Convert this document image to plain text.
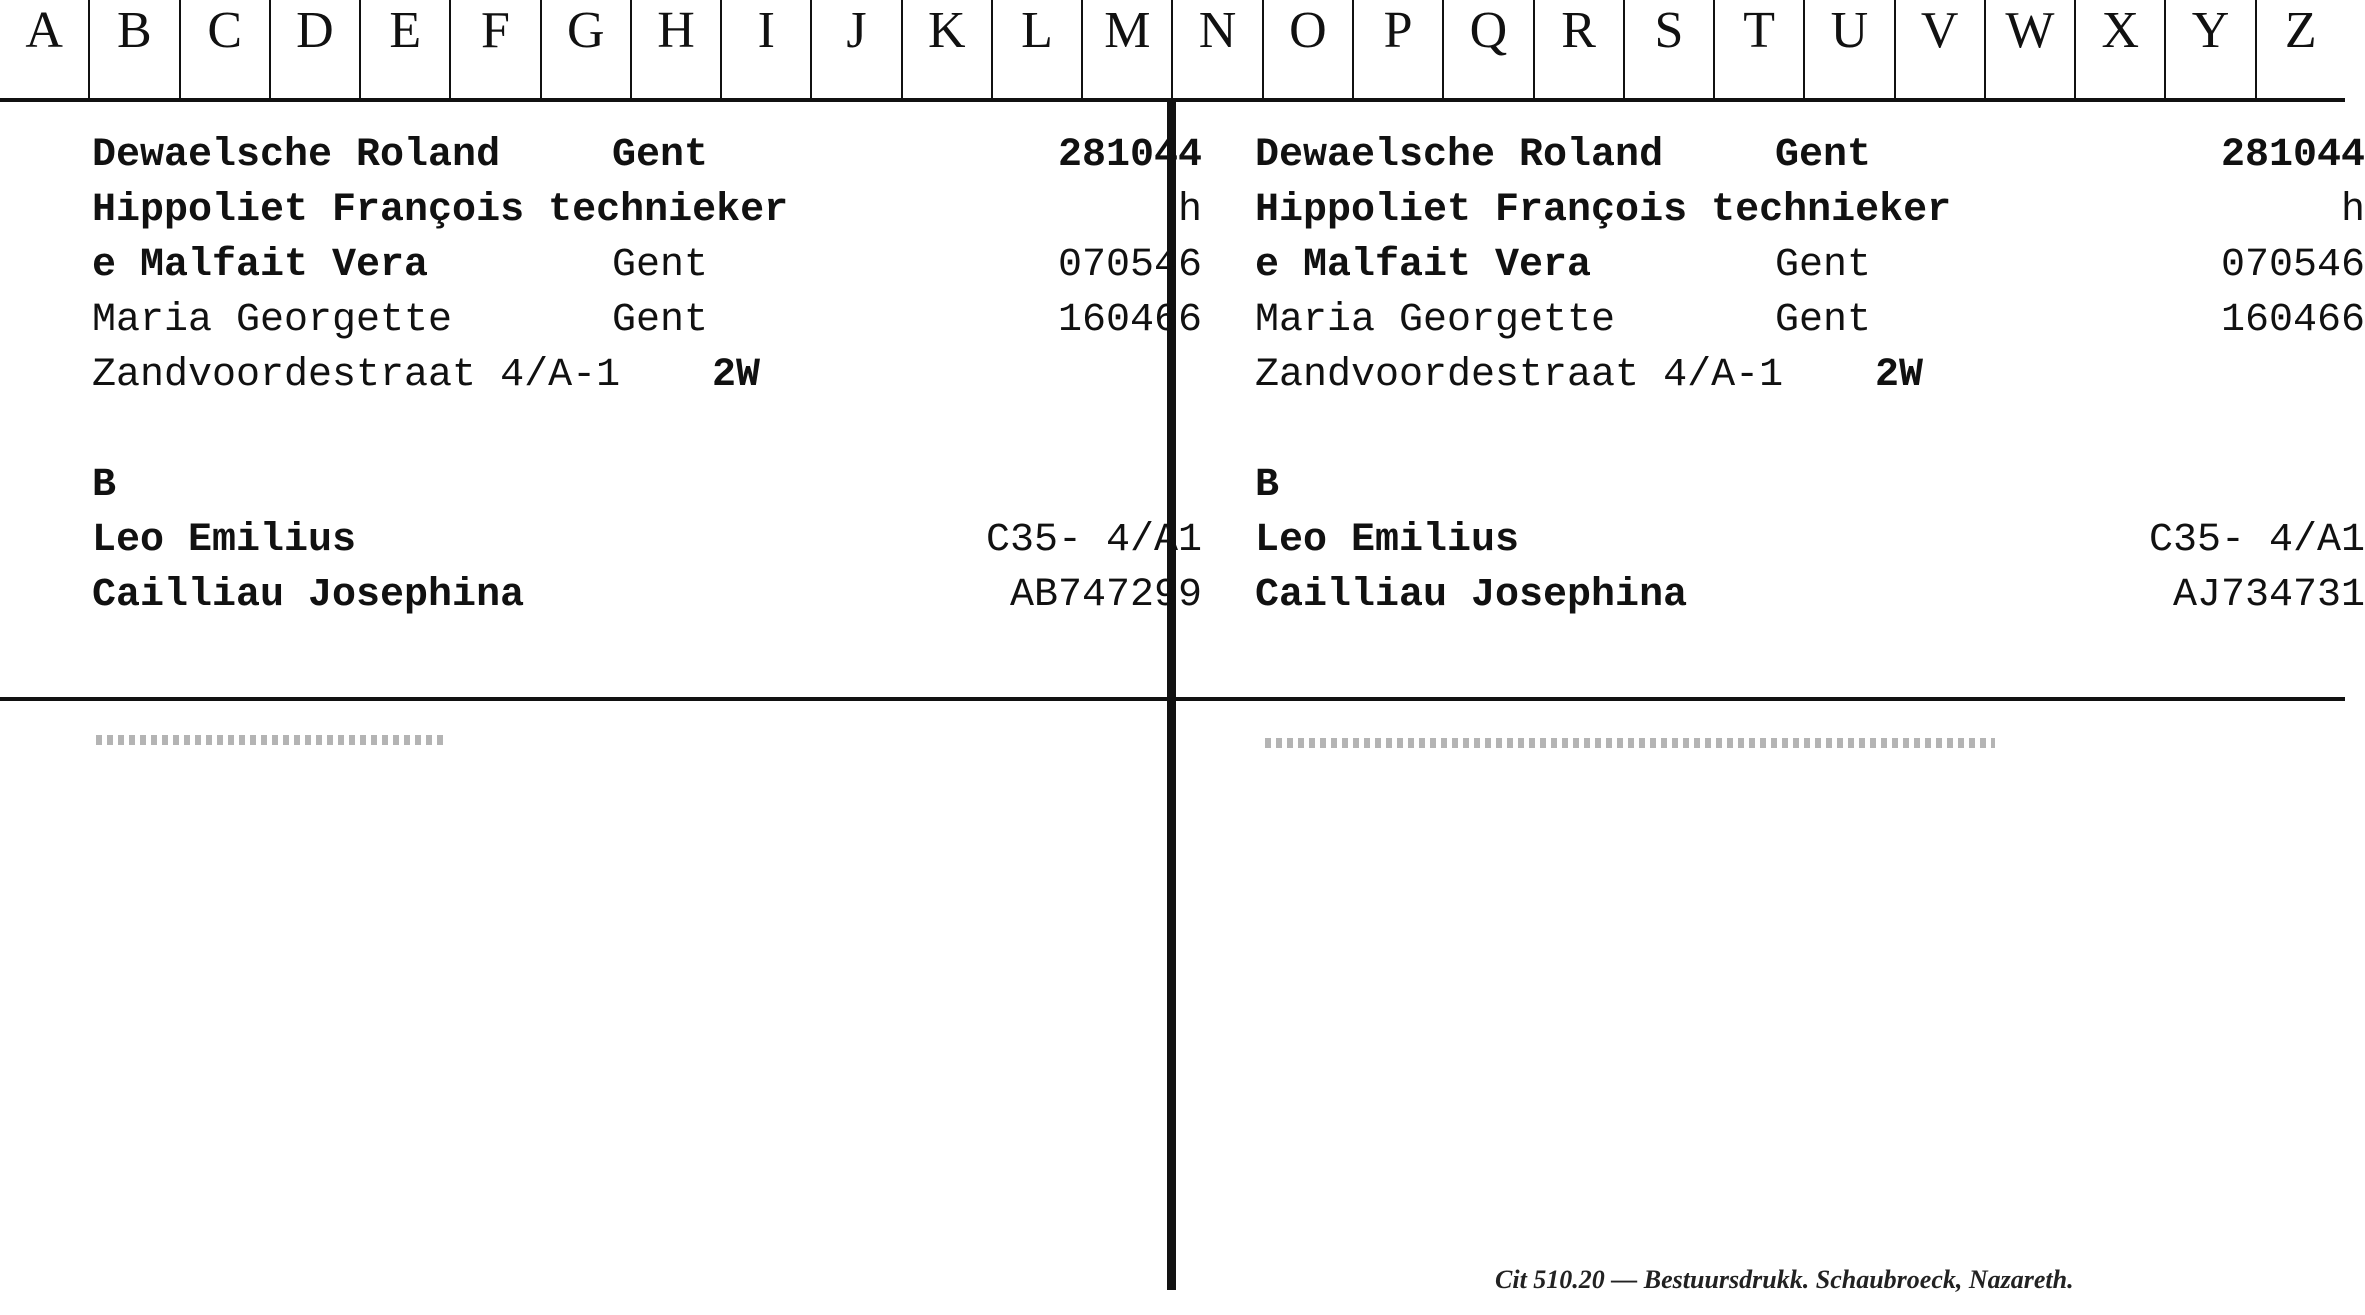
A	B	C	D	E	F	G	H	I	J	K	L M N	O	P	Q	R	S	T	U	V W X	Y	Z
Dewaelsche Roland	Gent	281044
Hippoliet François technieker	h
e Malfait Vera	Gent	070546
Maria Georgette	Gent	160466
Zandvoordestraat 4/A-1 2W
B
Leo Emilius	C35- 4/A1
Cailliau Josephina	AB747299
Dewaelsche Roland	Gent	281044
Hippoliet François technieker	h
e Malfait Vera	Gent	070546
Maria Georgette	Gent	160466
Zandvoordestraat 4/A-1 2W
B
Leo Emilius	C35- 4/A1
Cailliau Josephina	AJ734731
Cit 510.20 — Bestuursdrukk. Schaubroeck, Nazareth.
